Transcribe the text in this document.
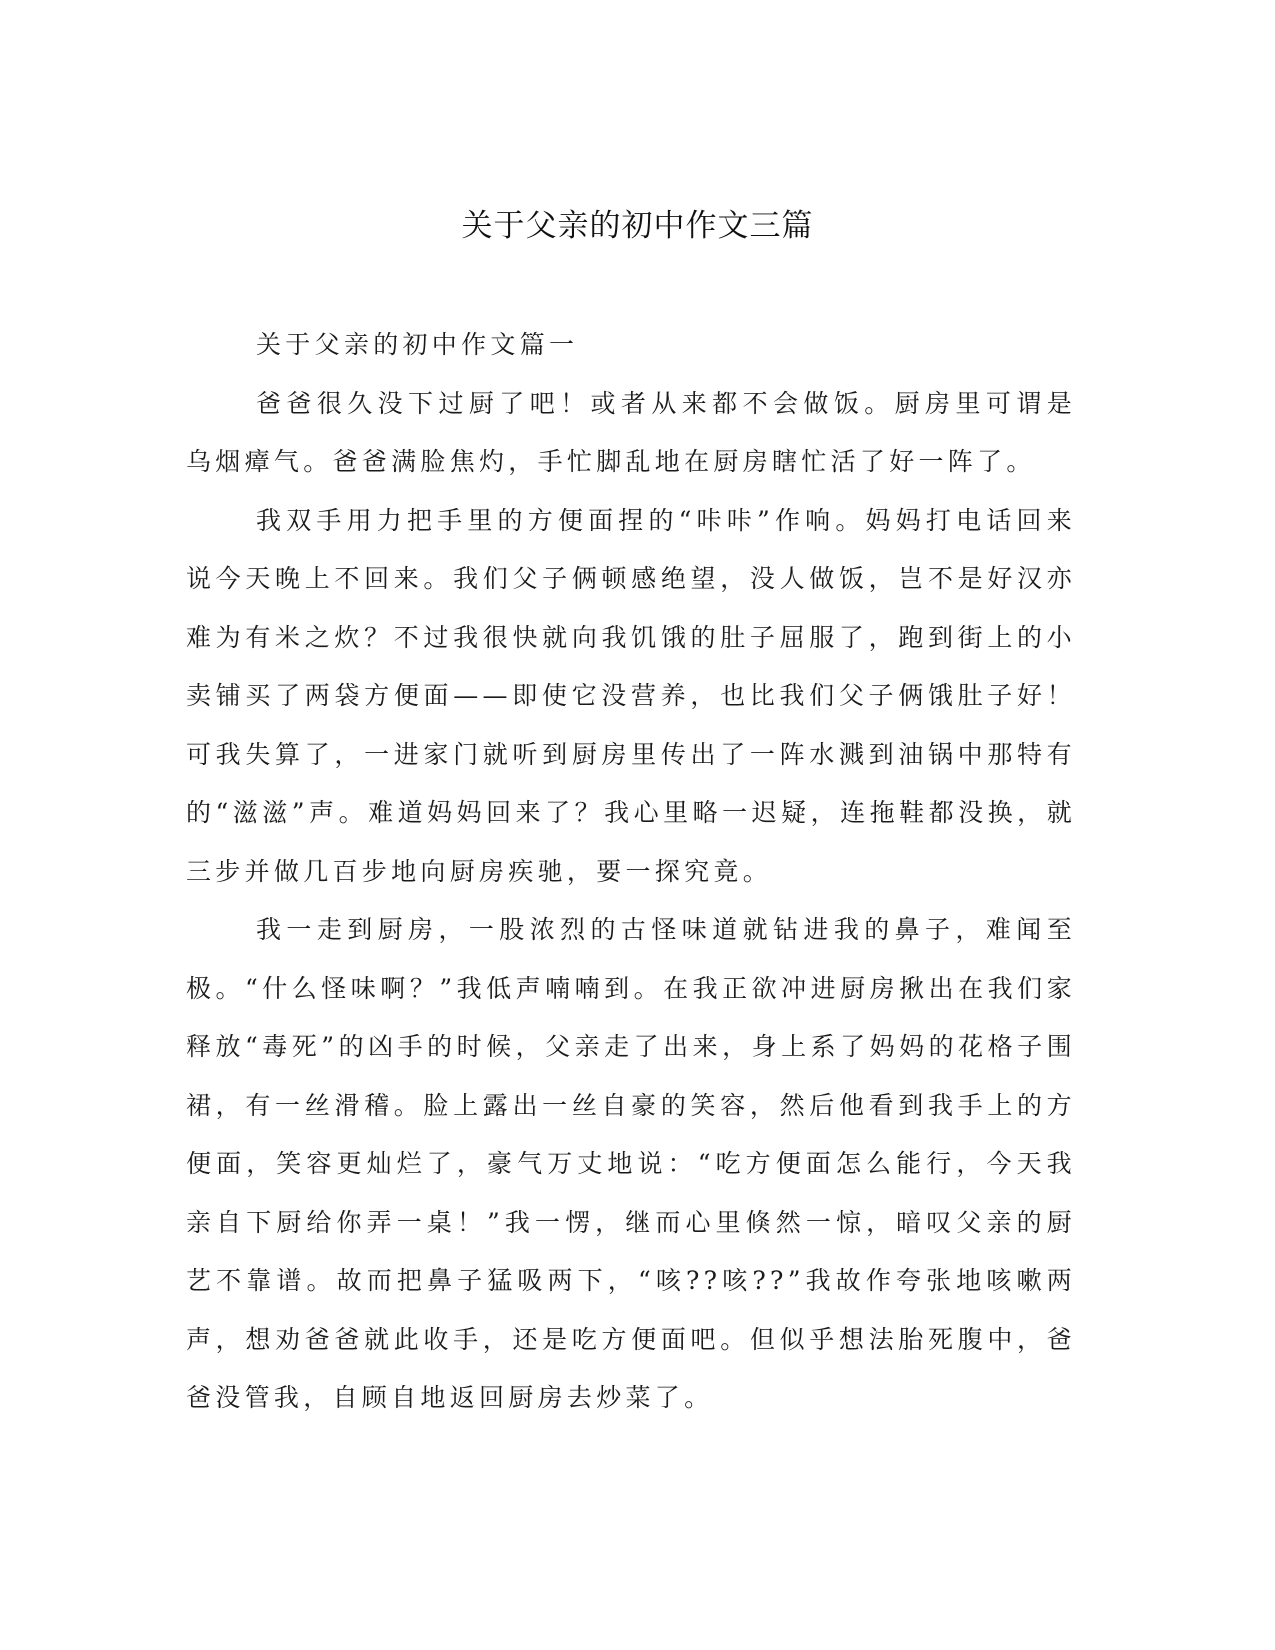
关于父亲的初中作文三篇

关于父亲的初中作文篇一

爸爸很久没下过厨了吧！或者从来都不会做饭。厨房里可谓是乌烟瘴气。爸爸满脸焦灼，手忙脚乱地在厨房瞎忙活了好一阵了。

我双手用力把手里的方便面捏的“咔咔”作响。妈妈打电话回来说今天晚上不回来。我们父子俩顿感绝望，没人做饭，岂不是好汉亦难为有米之炊？不过我很快就向我饥饿的肚子屈服了，跑到街上的小卖铺买了两袋方便面——即使它没营养，也比我们父子俩饿肚子好！可我失算了，一进家门就听到厨房里传出了一阵水溅到油锅中那特有的“滋滋”声。难道妈妈回来了？我心里略一迟疑，连拖鞋都没换，就三步并做几百步地向厨房疾驰，要一探究竟。

我一走到厨房，一股浓烈的古怪味道就钻进我的鼻子，难闻至极。“什么怪味啊？”我低声喃喃到。在我正欲冲进厨房揪出在我们家释放“毒死”的凶手的时候，父亲走了出来，身上系了妈妈的花格子围裙，有一丝滑稽。脸上露出一丝自豪的笑容，然后他看到我手上的方便面，笑容更灿烂了，豪气万丈地说：“吃方便面怎么能行，今天我亲自下厨给你弄一桌！”我一愣，继而心里倏然一惊，暗叹父亲的厨艺不靠谱。故而把鼻子猛吸两下，“咳??咳??”我故作夸张地咳嗽两声，想劝爸爸就此收手，还是吃方便面吧。但似乎想法胎死腹中，爸爸没管我，自顾自地返回厨房去炒菜了。
